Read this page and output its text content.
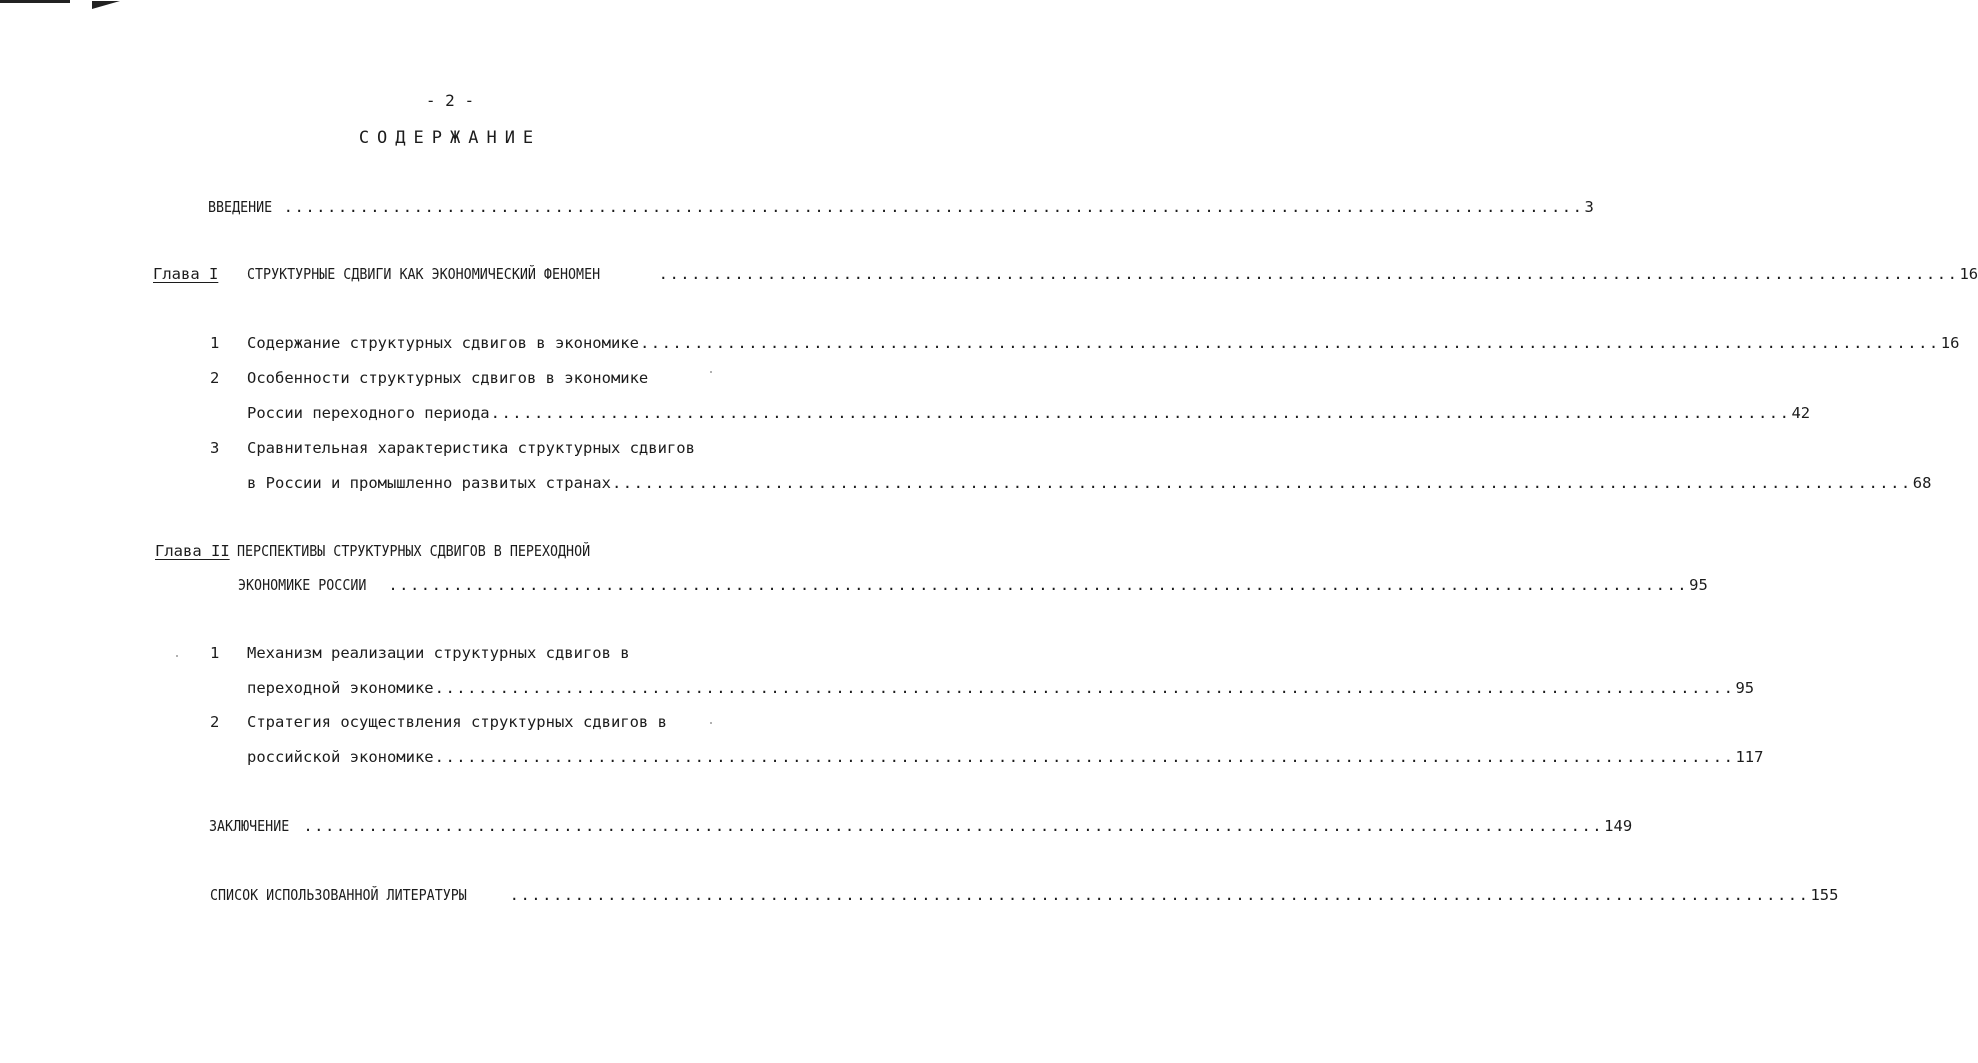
- 2 -
СОДЕРЖАНИЕ
ВВЕДЕНИЕ ........................................................................................................................ 3
Глава I СТРУКТУРНЫЕ СДВИГИ КАК ЭКОНОМИЧЕСКИЙ ФЕНОМЕН	........................................................................................................................ 16
1 Содержание структурных сдвигов в экономике ........................................................................................................................ 16
2 Особенности структурных сдвигов в экономике
России переходного периода ........................................................................................................................ 42
3 Сравнительная характеристика структурных сдвигов
в России и промышленно развитых странах ........................................................................................................................ 68
Глава II ПЕРСПЕКТИВЫ СТРУКТУРНЫХ СДВИГОВ В ПЕРЕХОДНОЙ
ЭКОНОМИКЕ РОССИИ ........................................................................................................................ 95
1 Механизм реализации структурных сдвигов в
переходной экономике ........................................................................................................................ 95
2 Стратегия осуществления структурных сдвигов в
российской экономике ........................................................................................................................ 117
ЗАКЛЮЧЕНИЕ ........................................................................................................................ 149
СПИСОК ИСПОЛЬЗОВАННОЙ ЛИТЕРАТУРЫ	........................................................................................................................ 155
